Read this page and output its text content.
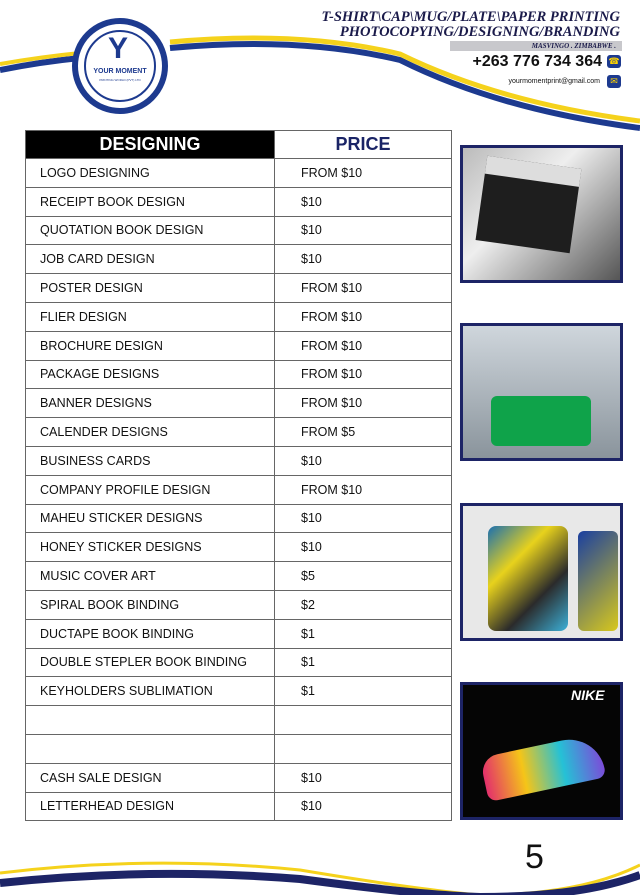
Y
YOUR MOMENT
PRINTING WORLD (PVT) LTD
T-SHIRT\CAP\MUG/PLATE\PAPER PRINTING
PHOTOCOPYING/DESIGNING/BRANDING
MASVINGO . ZIMBABWE .
+263 776 734 364 ☎
yourmomentprint@gmail.com	✉
DESIGNING	PRICE
LOGO DESIGNING	FROM $10
RECEIPT BOOK DESIGN	$10
QUOTATION BOOK DESIGN	$10
JOB CARD DESIGN	$10
POSTER DESIGN	FROM $10
FLIER DESIGN	FROM $10
BROCHURE DESIGN	FROM $10
PACKAGE DESIGNS	FROM $10
BANNER DESIGNS	FROM $10
CALENDER DESIGNS	FROM $5
BUSINESS CARDS	$10
COMPANY PROFILE DESIGN	FROM $10
MAHEU STICKER DESIGNS	$10
HONEY STICKER DESIGNS	$10
MUSIC COVER ART	$5
SPIRAL BOOK BINDING	$2
DUCTAPE BOOK BINDING	$1
DOUBLE STEPLER BOOK BINDING	$1
KEYHOLDERS SUBLIMATION	$1

CASH SALE DESIGN	$10
LETTERHEAD DESIGN	$10
NIKE
5
